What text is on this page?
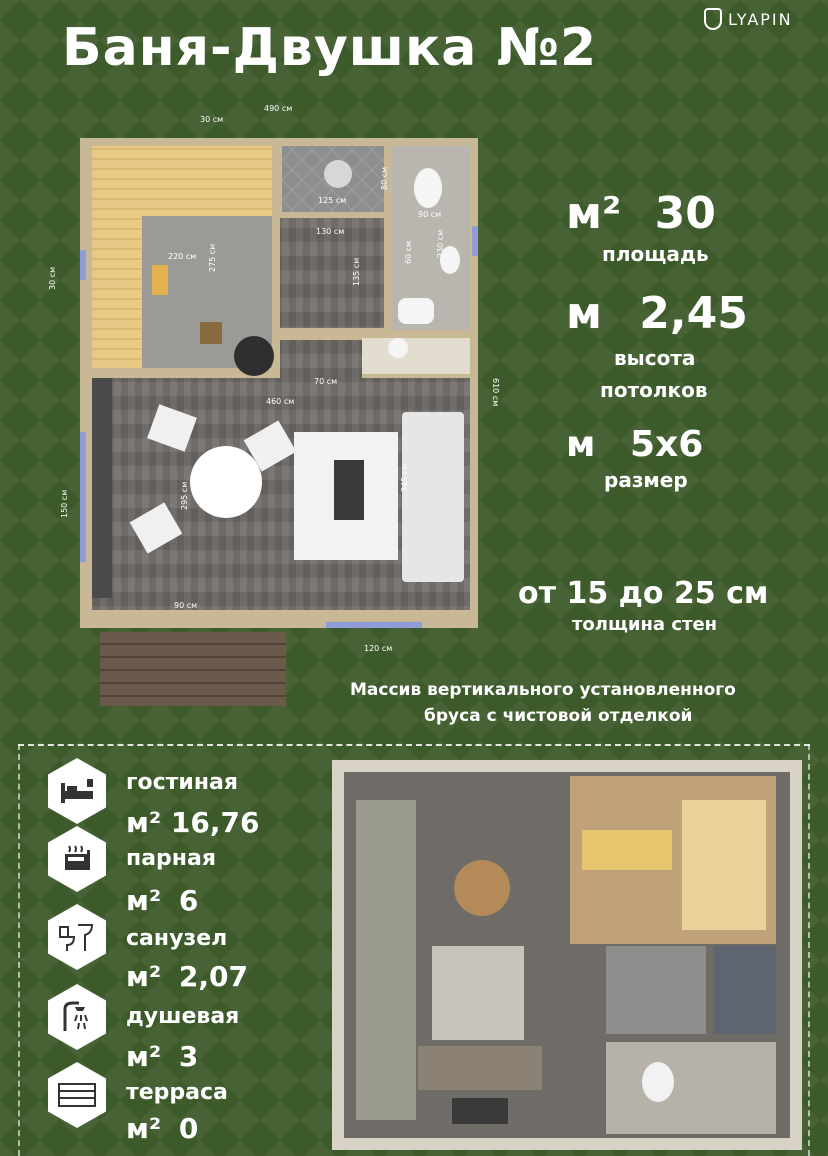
Баня-Двушка №2	LYAPIN
490 см
30 см
610 см
30 см
125 см
80 см
90 см
230 см
60 см
220 см 275 см
130 см
135 см
70 см
460 см
295 см
345 см
90 см
150 см
120 см
м² 30
площадь
м 2,45
высота
потолков
м 5х6
размер
от 15 до 25 см
толщина стен
Массив вертикального установленного
бруса с чистовой отделкой
гостиная
м² 16,76
парная
м² 6
санузел
м² 2,07
душевая
м² 3
терраса
м² 0
